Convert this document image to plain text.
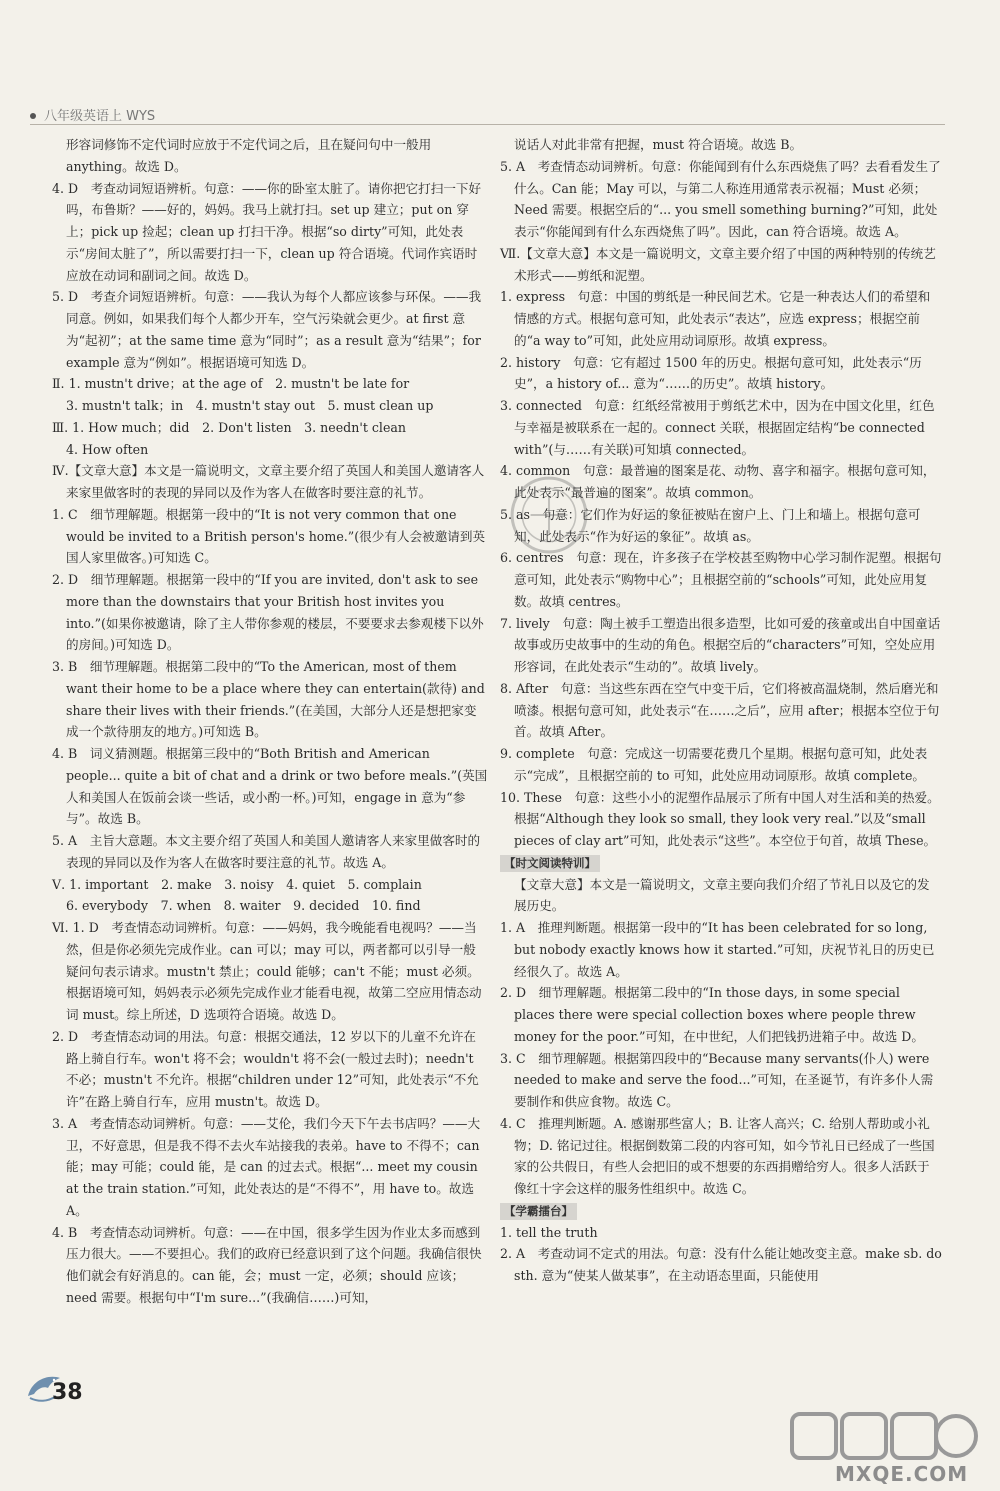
八年级英语上 WYS

形容词修饰不定代词时应放于不定代词之后，且在疑问句中一般用anything。故选 D。

4. D　考查动词短语辨析。句意：——你的卧室太脏了。请你把它打扫一下好吗，布鲁斯？——好的，妈妈。我马上就打扫。set up 建立；put on 穿上；pick up 捡起；clean up 打扫干净。根据“so dirty”可知，此处表示“房间太脏了”，所以需要打扫一下，clean up 符合语境。代词作宾语时应放在动词和副词之间。故选 D。

5. D　考查介词短语辨析。句意：——我认为每个人都应该参与环保。——我同意。例如，如果我们每个人都少开车，空气污染就会更少。at first 意为“起初”；at the same time 意为“同时”；as a result 意为“结果”；for example 意为“例如”。根据语境可知选 D。

Ⅱ. 1. mustn't drive；at the age of　2. mustn't be late for

3. mustn't talk；in　4. mustn't stay out　5. must clean up

Ⅲ. 1. How much；did　2. Don't listen　3. needn't clean

4. How often

Ⅳ.【文章大意】本文是一篇说明文，文章主要介绍了英国人和美国人邀请客人来家里做客时的表现的异同以及作为客人在做客时要注意的礼节。

1. C　细节理解题。根据第一段中的“It is not very common that one would be invited to a British person's home.”(很少有人会被邀请到英国人家里做客。)可知选 C。

2. D　细节理解题。根据第一段中的“If you are invited, don't ask to see more than the downstairs that your British host invites you into.”(如果你被邀请，除了主人带你参观的楼层，不要要求去参观楼下以外的房间。)可知选 D。

3. B　细节理解题。根据第二段中的“To the American, most of them want their home to be a place where they can entertain(款待) and share their lives with their friends.”(在美国，大部分人还是想把家变成一个款待朋友的地方。)可知选 B。

4. B　词义猜测题。根据第三段中的“Both British and American people... quite a bit of chat and a drink or two before meals.”(英国人和美国人在饭前会谈一些话，或小酌一杯。)可知，engage in 意为“参与”。故选 B。

5. A　主旨大意题。本文主要介绍了英国人和美国人邀请客人来家里做客时的表现的异同以及作为客人在做客时要注意的礼节。故选 A。

Ⅴ. 1. important　2. make　3. noisy　4. quiet　5. complain

6. everybody　7. when　8. waiter　9. decided　10. find

Ⅵ. 1. D　考查情态动词辨析。句意：——妈妈，我今晚能看电视吗？——当然，但是你必须先完成作业。can 可以；may 可以，两者都可以引导一般疑问句表示请求。mustn't 禁止；could 能够；can't 不能；must 必须。根据语境可知，妈妈表示必须先完成作业才能看电视，故第二空应用情态动词 must。综上所述，D 选项符合语境。故选 D。

2. D　考查情态动词的用法。句意：根据交通法，12 岁以下的儿童不允许在路上骑自行车。won't 将不会；wouldn't 将不会(一般过去时)；needn't 不必；mustn't 不允许。根据“children under 12”可知，此处表示“不允许”在路上骑自行车，应用 mustn't。故选 D。

3. A　考查情态动词辨析。句意：——艾伦，我们今天下午去书店吗？——大卫，不好意思，但是我不得不去火车站接我的表弟。have to 不得不；can 能；may 可能；could 能，是 can 的过去式。根据“... meet my cousin at the train station.”可知，此处表达的是“不得不”，用 have to。故选 A。

4. B　考查情态动词辨析。句意：——在中国，很多学生因为作业太多而感到压力很大。——不要担心。我们的政府已经意识到了这个问题。我确信很快他们就会有好消息的。can 能，会；must 一定，必须；should 应该；need 需要。根据句中“I'm sure...”(我确信……)可知，

说话人对此非常有把握，must 符合语境。故选 B。

5. A　考查情态动词辨析。句意：你能闻到有什么东西烧焦了吗？去看看发生了什么。Can 能；May 可以，与第二人称连用通常表示祝福；Must 必须；Need 需要。根据空后的“... you smell something burning?”可知，此处表示“你能闻到有什么东西烧焦了吗”。因此，can 符合语境。故选 A。

Ⅶ.【文章大意】本文是一篇说明文，文章主要介绍了中国的两种特别的传统艺术形式——剪纸和泥塑。

1. express　句意：中国的剪纸是一种民间艺术。它是一种表达人们的希望和情感的方式。根据句意可知，此处表示“表达”，应选 express；根据空前的“a way to”可知，此处应用动词原形。故填 express。

2. history　句意：它有超过 1500 年的历史。根据句意可知，此处表示“历史”，a history of... 意为“……的历史”。故填 history。

3. connected　句意：红纸经常被用于剪纸艺术中，因为在中国文化里，红色与幸福是被联系在一起的。connect 关联，根据固定结构“be connected with”(与……有关联)可知填 connected。

4. common　句意：最普遍的图案是花、动物、喜字和福字。根据句意可知，此处表示“最普遍的图案”。故填 common。

5. as　句意：它们作为好运的象征被贴在窗户上、门上和墙上。根据句意可知，此处表示“作为好运的象征”。故填 as。

6. centres　句意：现在，许多孩子在学校甚至购物中心学习制作泥塑。根据句意可知，此处表示“购物中心”；且根据空前的“schools”可知，此处应用复数。故填 centres。

7. lively　句意：陶土被手工塑造出很多造型，比如可爱的孩童或出自中国童话故事或历史故事中的生动的角色。根据空后的“characters”可知，空处应用形容词，在此处表示“生动的”。故填 lively。

8. After　句意：当这些东西在空气中变干后，它们将被高温烧制，然后磨光和喷漆。根据句意可知，此处表示“在……之后”，应用 after；根据本空位于句首。故填 After。

9. complete　句意：完成这一切需要花费几个星期。根据句意可知，此处表示“完成”，且根据空前的 to 可知，此处应用动词原形。故填 complete。

10. These　句意：这些小小的泥塑作品展示了所有中国人对生活和美的热爱。根据“Although they look so small, they look very real.”以及“small pieces of clay art”可知，此处表示“这些”。本空位于句首，故填 These。

【时文阅读特训】

【文章大意】本文是一篇说明文，文章主要向我们介绍了节礼日以及它的发展历史。

1. A　推理判断题。根据第一段中的“It has been celebrated for so long, but nobody exactly knows how it started.”可知，庆祝节礼日的历史已经很久了。故选 A。

2. D　细节理解题。根据第二段中的“In those days, in some special places there were special collection boxes where people threw money for the poor.”可知，在中世纪，人们把钱扔进箱子中。故选 D。

3. C　细节理解题。根据第四段中的“Because many servants(仆人) were needed to make and serve the food...”可知，在圣诞节，有许多仆人需要制作和供应食物。故选 C。

4. C　推理判断题。A. 感谢那些富人；B. 让客人高兴；C. 给别人帮助或小礼物；D. 铭记过往。根据倒数第二段的内容可知，如今节礼日已经成了一些国家的公共假日，有些人会把旧的或不想要的东西捐赠给穷人。很多人活跃于像红十字会这样的服务性组织中。故选 C。

【学霸擂台】

1. tell the truth

2. A　考查动词不定式的用法。句意：没有什么能让她改变主意。make sb. do sth. 意为“使某人做某事”，在主动语态里面，只能使用

38
MXQE.COM
